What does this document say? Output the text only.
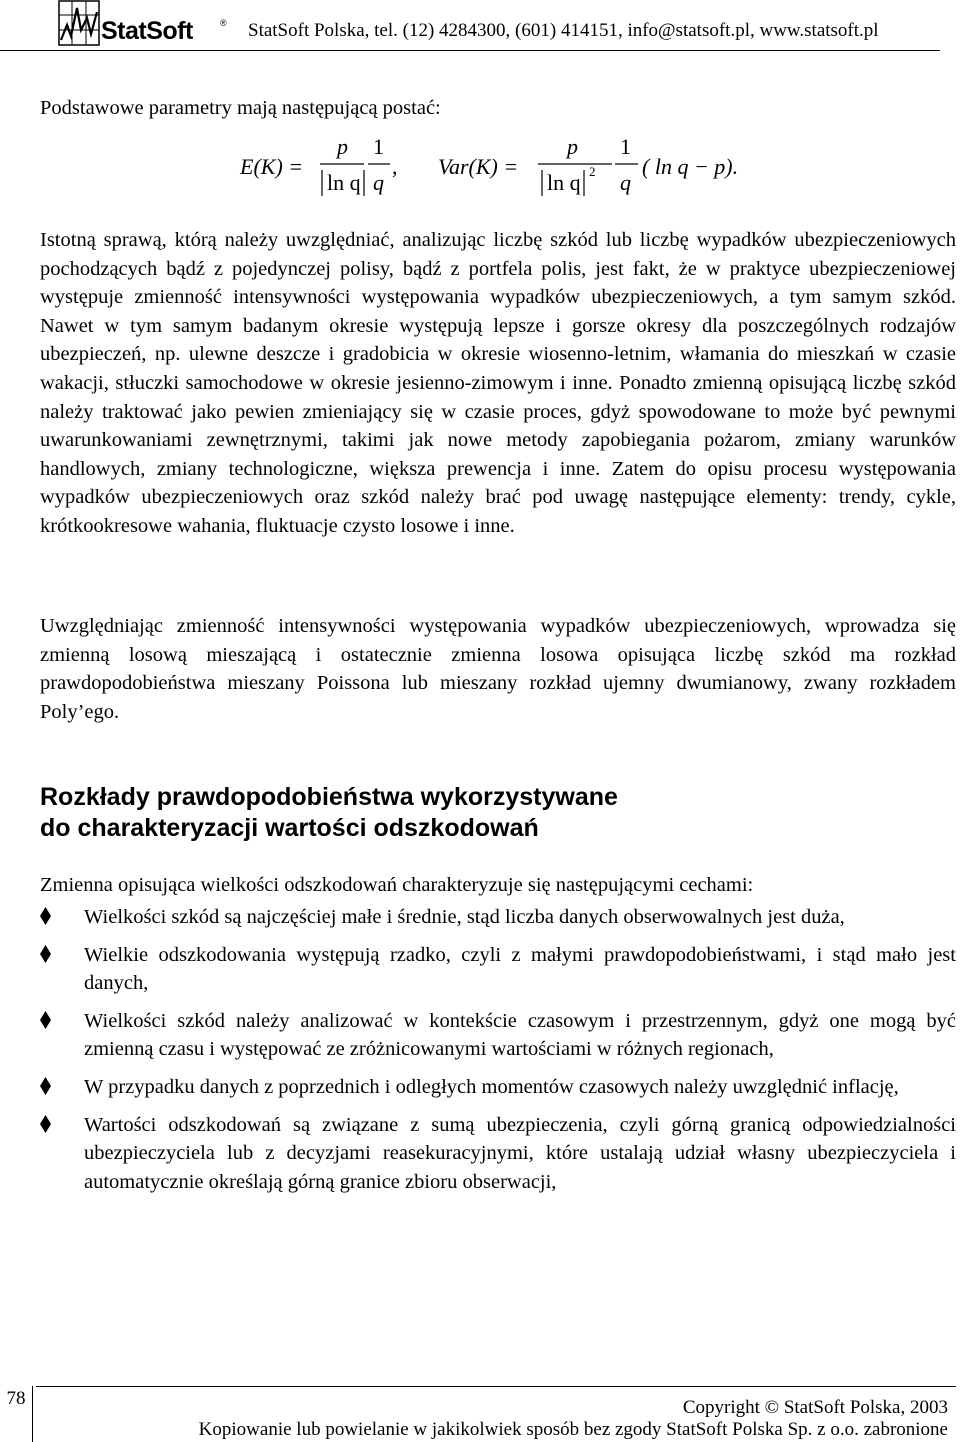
StatSoft	® StatSoft Polska, tel. (12) 4284300, (601) 414151, info@statsoft.pl, www.statsoft.pl
Podstawowe parametry mają następującą postać:
E(K) =
p
ln q
1
q
, Var(K) =
p
ln q 2
1
q
( ln q − p).

Istotną sprawą, którą należy uwzględniać, analizując liczbę szkód lub liczbę wypadków ubezpieczeniowych pochodzących bądź z pojedynczej polisy, bądź z portfela polis, jest fakt, że w praktyce ubezpieczeniowej występuje zmienność intensywności występowania wypadków ubezpieczeniowych, a tym samym szkód. Nawet w tym samym badanym okresie występują lepsze i gorsze okresy dla poszczególnych rodzajów ubezpieczeń, np. ulewne deszcze i gradobicia w okresie wiosenno-letnim, włamania do mieszkań w czasie wakacji, stłuczki samochodowe w okresie jesienno-zimowym i inne. Ponadto zmienną opisującą liczbę szkód należy traktować jako pewien zmieniający się w czasie proces, gdyż spowodowane to może być pewnymi uwarunkowaniami zewnętrznymi, takimi jak nowe metody zapobiegania pożarom, zmiany warunków handlowych, zmiany technologiczne, większa prewencja i inne. Zatem do opisu procesu występowania wypadków ubezpieczeniowych oraz szkód należy brać pod uwagę następujące elementy: trendy, cykle, krótkookresowe wahania, fluktuacje czysto losowe i inne.

Uwzględniając zmienność intensywności występowania wypadków ubezpieczeniowych, wprowadza się zmienną losową mieszającą i ostatecznie zmienna losowa opisująca liczbę szkód ma rozkład prawdopodobieństwa mieszany Poissona lub mieszany rozkład ujemny dwumianowy, zwany rozkładem Poly’ego.

Rozkłady prawdopodobieństwa wykorzystywane
do charakteryzacji wartości odszkodowań
Zmienna opisująca wielkości odszkodowań charakteryzuje się następującymi cechami:
Wielkości szkód są najczęściej małe i średnie, stąd liczba danych obserwowalnych jest duża,
Wielkie odszkodowania występują rzadko, czyli z małymi prawdopodobieństwami, i stąd mało jest danych,
Wielkości szkód należy analizować w kontekście czasowym i przestrzennym, gdyż one mogą być zmienną czasu i występować ze zróżnicowanymi wartościami w różnych regionach,
W przypadku danych z poprzednich i odległych momentów czasowych należy uwzględnić inflację,
Wartości odszkodowań są związane z sumą ubezpieczenia, czyli górną granicą odpowiedzialności ubezpieczyciela lub z decyzjami reasekuracyjnymi, które ustalają udział własny ubezpieczyciela i automatycznie określają górną granice zbioru obserwacji,
78	Copyright © StatSoft Polska, 2003
Kopiowanie lub powielanie w jakikolwiek sposób bez zgody StatSoft Polska Sp. z o.o. zabronione
